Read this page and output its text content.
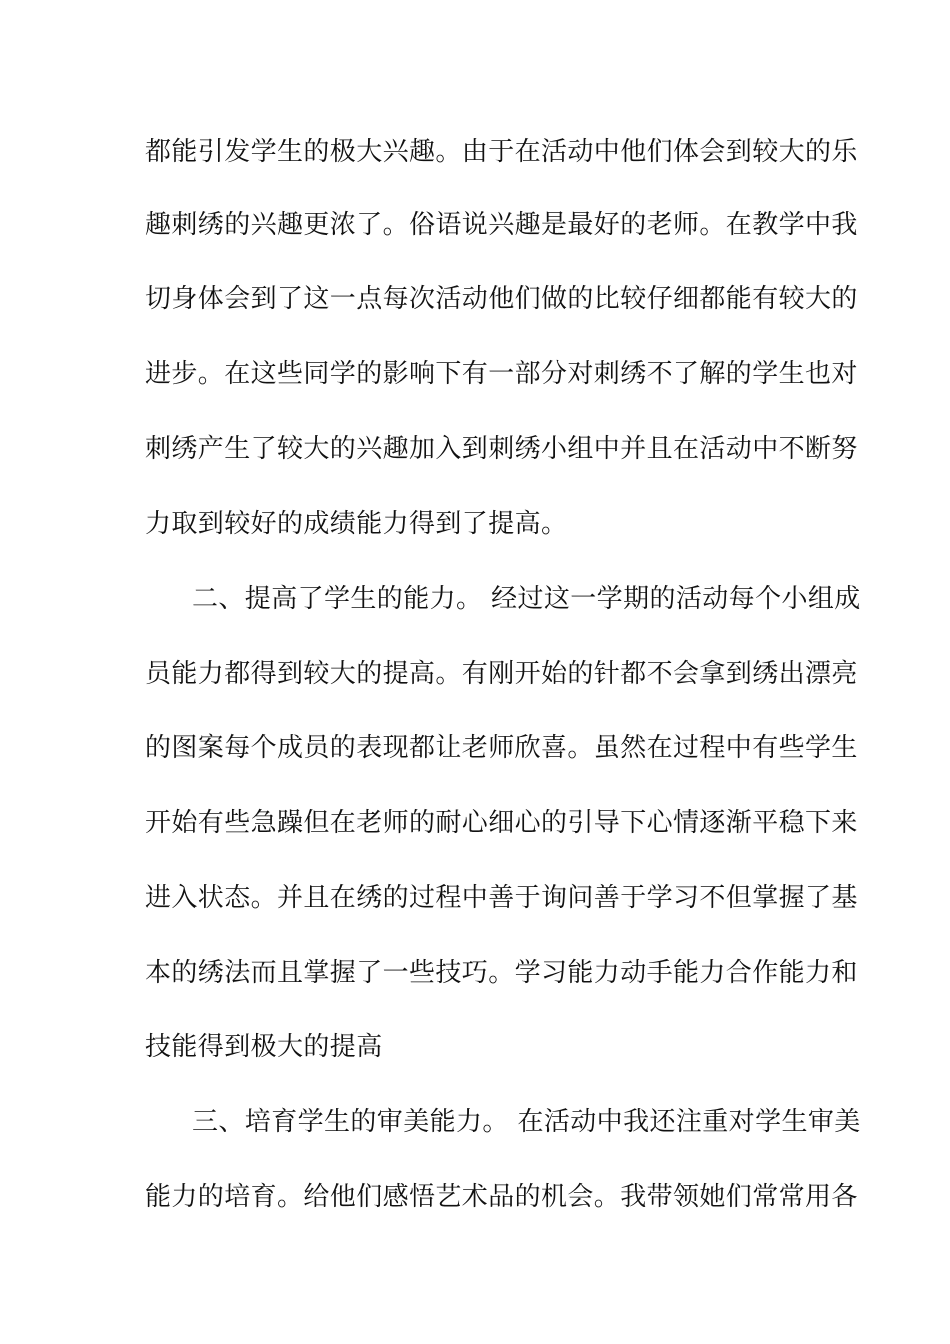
都能引发学生的极大兴趣。由于在活动中他们体会到较大的乐
趣刺绣的兴趣更浓了。俗语说兴趣是最好的老师。在教学中我
切身体会到了这一点每次活动他们做的比较仔细都能有较大的
进步。在这些同学的影响下有一部分对刺绣不了解的学生也对
刺绣产生了较大的兴趣加入到刺绣小组中并且在活动中不断努
力取到较好的成绩能力得到了提高。
二、提高了学生的能力。 经过这一学期的活动每个小组成
员能力都得到较大的提高。有刚开始的针都不会拿到绣出漂亮
的图案每个成员的表现都让老师欣喜。虽然在过程中有些学生
开始有些急躁但在老师的耐心细心的引导下心情逐渐平稳下来
进入状态。并且在绣的过程中善于询问善于学习不但掌握了基
本的绣法而且掌握了一些技巧。学习能力动手能力合作能力和
技能得到极大的提高
三、培育学生的审美能力。 在活动中我还注重对学生审美
能力的培育。给他们感悟艺术品的机会。我带领她们常常用各
